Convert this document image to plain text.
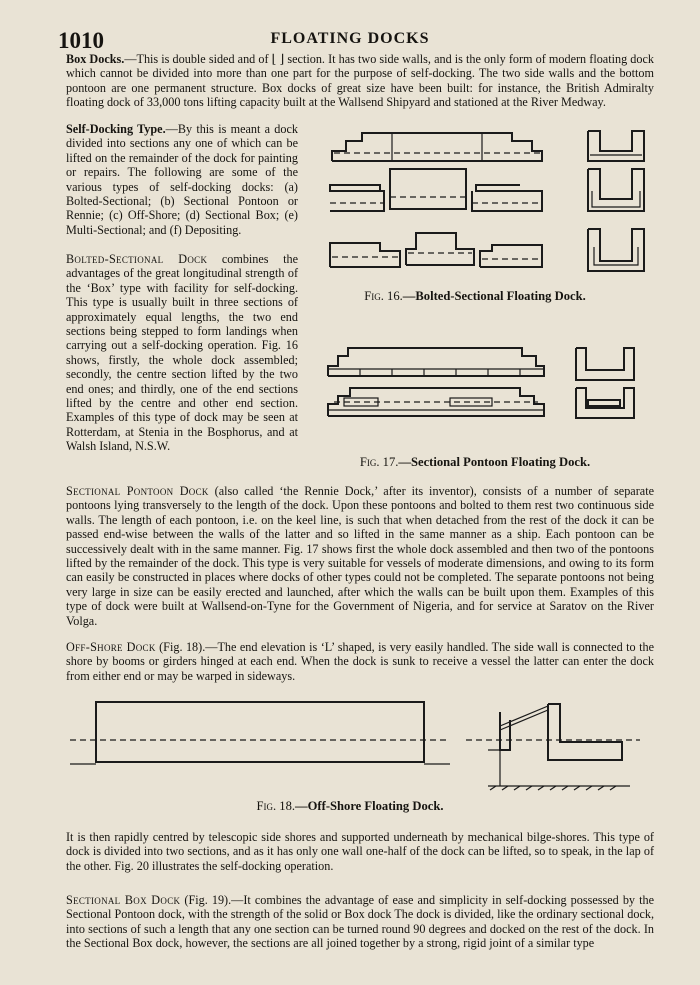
1010	FLOATING DOCKS

Box Docks.—This is double sided and of ⌊ ⌋ section. It has two side walls, and is the only form of modern floating dock which cannot be divided into more than one part for the purpose of self-docking. The two side walls and the bottom pontoon are one permanent structure. Box docks of great size have been built: for instance, the British Admiralty floating dock of 33,000 tons lifting capacity built at the Wallsend Shipyard and stationed at the River Medway.

Self-Docking Type.—By this is meant a dock divided into sections any one of which can be lifted on the remainder of the dock for painting or repairs. The following are some of the various types of self-docking docks: (a) Bolted-Sectional; (b) Sectional Pontoon or Rennie; (c) Off-Shore; (d) Sectional Box; (e) Multi-Sectional; and (f) Depositing.

Bolted-Sectional Dock combines the advantages of the great longitudinal strength of the ‘Box’ type with facility for self-docking. This type is usually built in three sections of approximately equal lengths, the two end sections being stepped to form landings when carrying out a self-docking operation. Fig. 16 shows, firstly, the whole dock assembled; secondly, the centre section lifted by the two end ones; and thirdly, one of the end sections lifted by the centre and other end section. Examples of this type of dock may be seen at Rotterdam, at Stenia in the Bosphorus, and at Walsh Island, N.S.W.

Fig. 16.—Bolted-Sectional Floating Dock.
Fig. 17.—Sectional Pontoon Floating Dock.

Sectional Pontoon Dock (also called ‘the Rennie Dock,’ after its inventor), consists of a number of separate pontoons lying transversely to the length of the dock. Upon these pontoons and bolted to them rest two continuous side walls. The length of each pontoon, i.e. on the keel line, is such that when detached from the rest of the dock it can be passed end-wise between the walls of the latter and so lifted in the same manner as a ship. Each pontoon can be successively dealt with in the same manner. Fig. 17 shows first the whole dock assembled and then two of the pontoons lifted by the remainder of the dock. This type is very suitable for vessels of moderate dimensions, and owing to its form can easily be constructed in places where docks of other types could not be completed. The separate pontoons not being very large in size can be easily erected and launched, after which the walls can be built upon them. Examples of this type of dock were built at Wallsend-on-Tyne for the Government of Nigeria, and for service at Saratov on the River Volga.

Off-Shore Dock (Fig. 18).—The end elevation is ‘L’ shaped, is very easily handled. The side wall is connected to the shore by booms or girders hinged at each end. When the dock is sunk to receive a vessel the latter can enter the dock from either end or may be warped in sideways.

Fig. 18.—Off-Shore Floating Dock.

It is then rapidly centred by telescopic side shores and supported underneath by mechanical bilge-shores. This type of dock is divided into two sections, and as it has only one wall one-half of the dock can be lifted, so to speak, in the lap of the other. Fig. 20 illustrates the self-docking operation.

Sectional Box Dock (Fig. 19).—It combines the advantage of ease and simplicity in self-docking possessed by the Sectional Pontoon dock, with the strength of the solid or Box dock The dock is divided, like the ordinary sectional dock, into sections of such a length that any one section can be turned round 90 degrees and docked on the rest of the dock. In the Sectional Box dock, however, the sections are all joined together by a strong, rigid joint of a similar type
